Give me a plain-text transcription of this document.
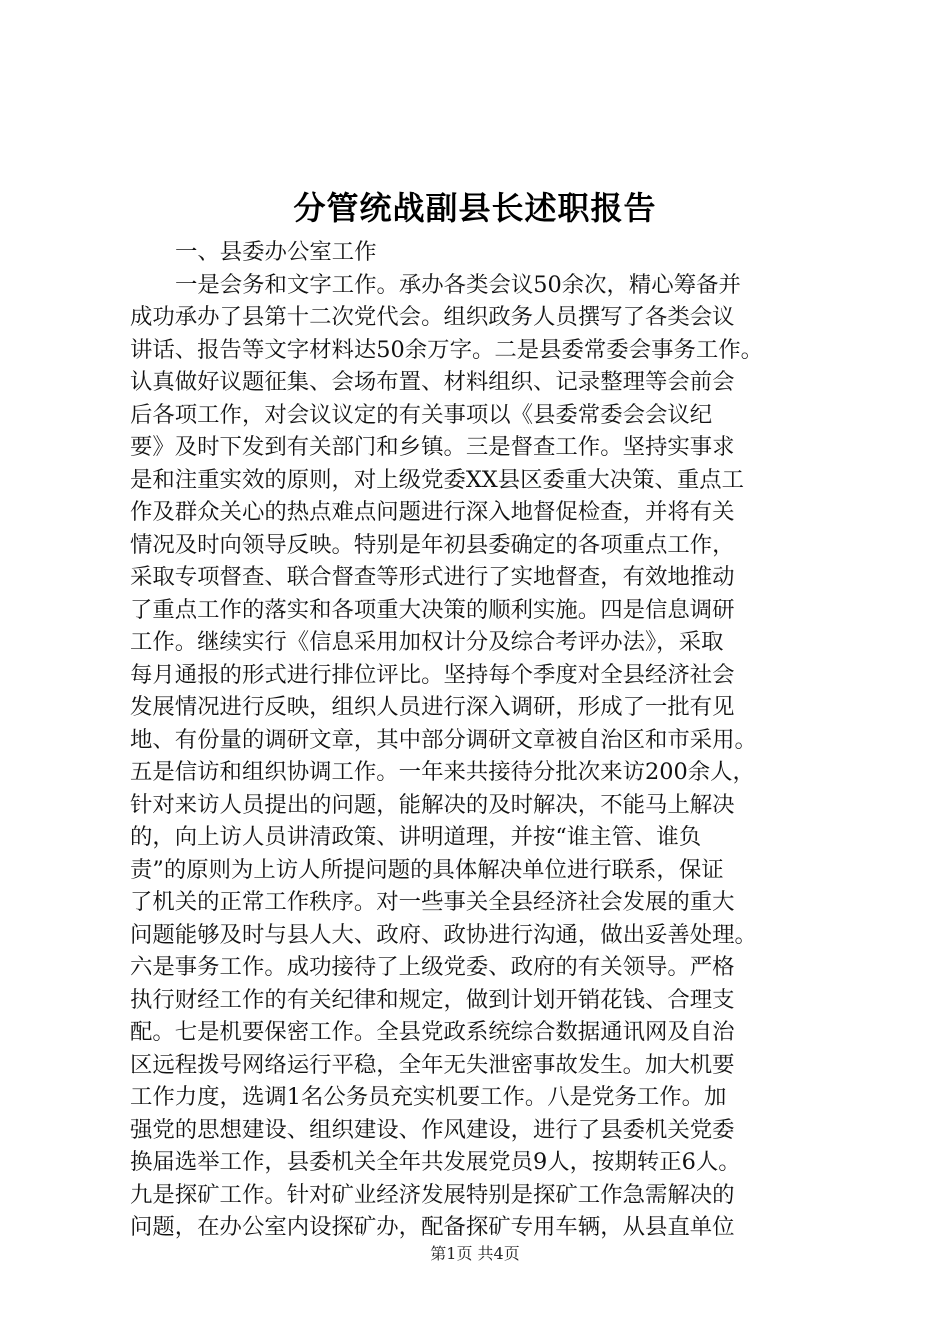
分管统战副县长述职报告
一、县委办公室工作
一是会务和文字工作。承办各类会议50余次，精心筹备并
成功承办了县第十二次党代会。组织政务人员撰写了各类会议
讲话、报告等文字材料达50余万字。二是县委常委会事务工作。
认真做好议题征集、会场布置、材料组织、记录整理等会前会
后各项工作，对会议议定的有关事项以《县委常委会会议纪
要》及时下发到有关部门和乡镇。三是督查工作。坚持实事求
是和注重实效的原则，对上级党委XX县区委重大决策、重点工
作及群众关心的热点难点问题进行深入地督促检查，并将有关
情况及时向领导反映。特别是年初县委确定的各项重点工作，
采取专项督查、联合督查等形式进行了实地督查，有效地推动
了重点工作的落实和各项重大决策的顺利实施。四是信息调研
工作。继续实行《信息采用加权计分及综合考评办法》，采取
每月通报的形式进行排位评比。坚持每个季度对全县经济社会
发展情况进行反映，组织人员进行深入调研，形成了一批有见
地、有份量的调研文章，其中部分调研文章被自治区和市采用。
五是信访和组织协调工作。一年来共接待分批次来访200余人，
针对来访人员提出的问题，能解决的及时解决，不能马上解决
的，向上访人员讲清政策、讲明道理，并按“谁主管、谁负
责”的原则为上访人所提问题的具体解决单位进行联系，保证
了机关的正常工作秩序。对一些事关全县经济社会发展的重大
问题能够及时与县人大、政府、政协进行沟通，做出妥善处理。
六是事务工作。成功接待了上级党委、政府的有关领导。严格
执行财经工作的有关纪律和规定，做到计划开销花钱、合理支
配。七是机要保密工作。全县党政系统综合数据通讯网及自治
区远程拨号网络运行平稳，全年无失泄密事故发生。加大机要
工作力度，选调1名公务员充实机要工作。八是党务工作。加
强党的思想建设、组织建设、作风建设，进行了县委机关党委
换届选举工作，县委机关全年共发展党员9人，按期转正6人。
九是探矿工作。针对矿业经济发展特别是探矿工作急需解决的
问题，在办公室内设探矿办，配备探矿专用车辆，从县直单位
第1页 共4页
